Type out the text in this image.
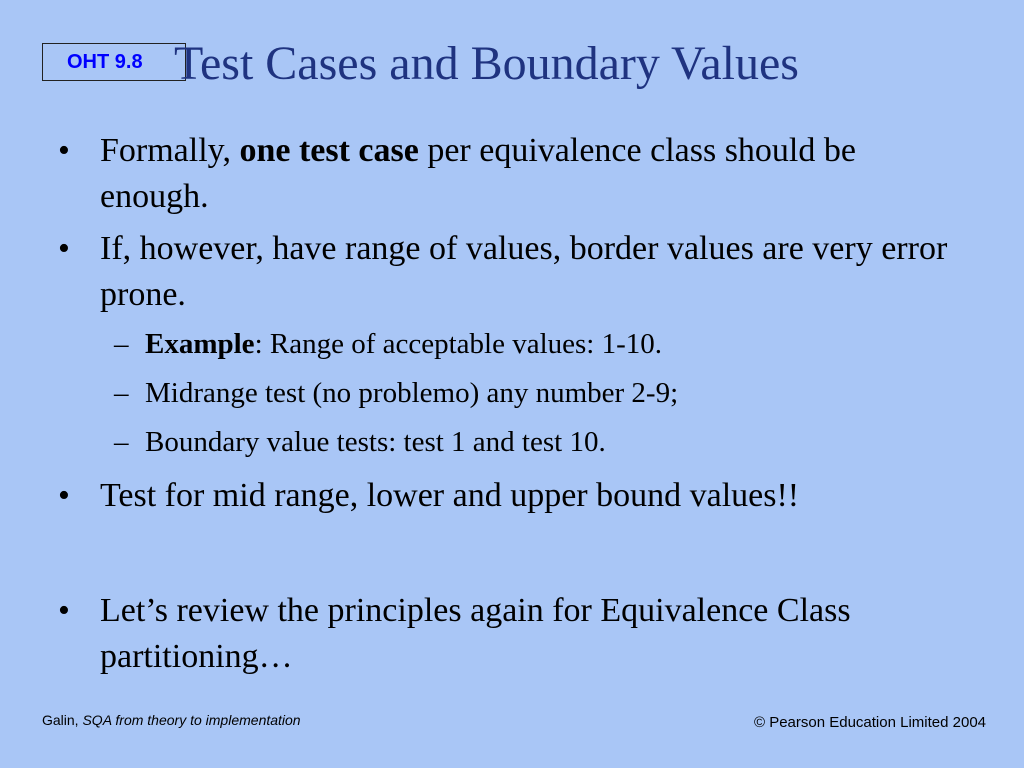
OHT 9.8 Test Cases and Boundary Values

• Formally, one test case per equivalence class should be enough.

• If, however, have range of values, border values are very error prone.

– Example: Range of acceptable values: 1-10.

– Midrange test (no problemo) any number 2-9;

– Boundary value tests: test 1 and test 10.

• Test for mid range, lower and upper bound values!!

• Let’s review the principles again for Equivalence Class partitioning…

Galin, SQA from theory to implementation	© Pearson Education Limited 2004
